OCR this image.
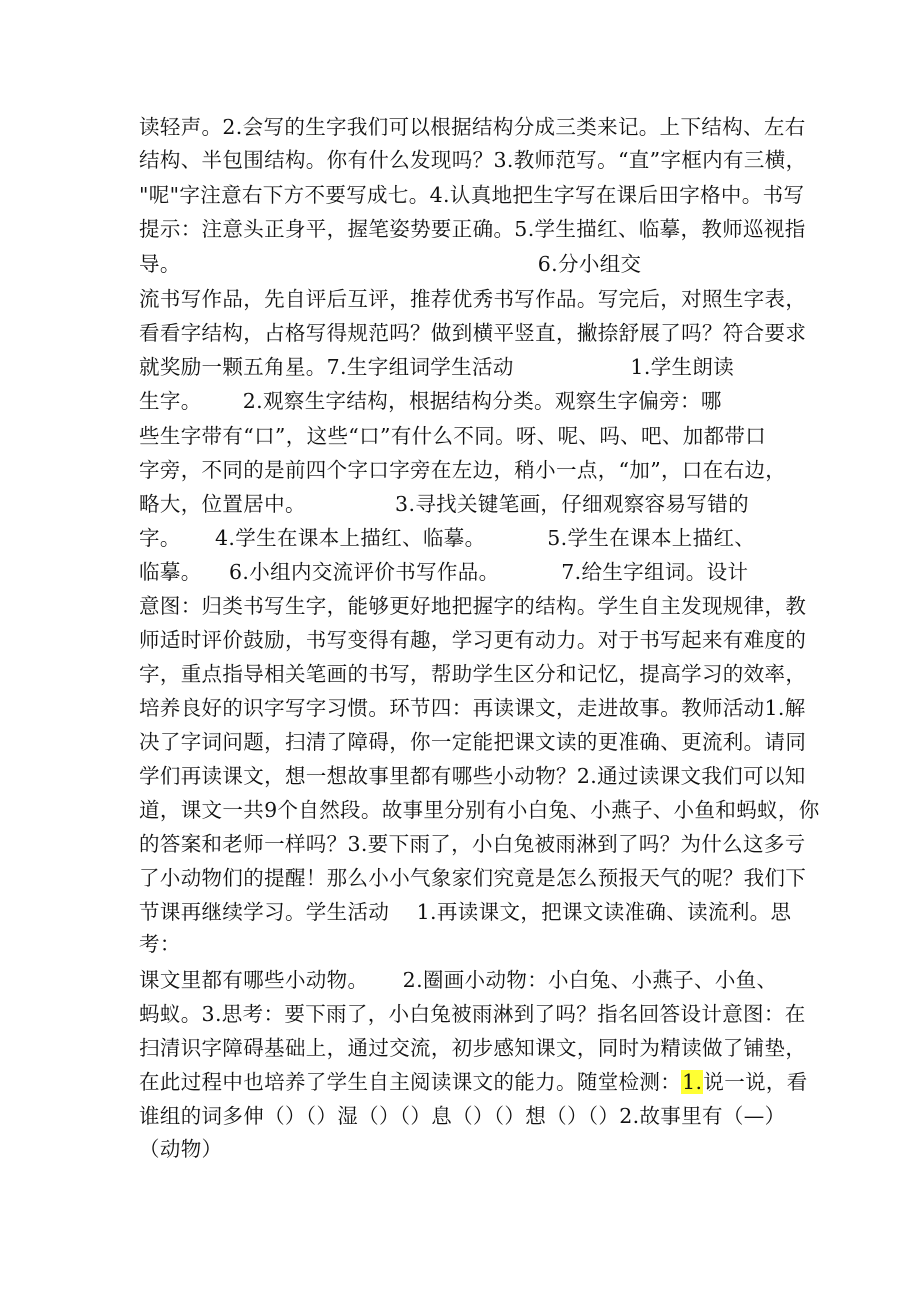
读轻声。2.会写的生字我们可以根据结构分成三类来记。上下结构、左右
结构、半包围结构。你有什么发现吗？3.教师范写。“直”字框内有三横，
"呢"字注意右下方不要写成七。4.认真地把生字写在课后田字格中。书写
提示：注意头正身平，握笔姿势要正确。5.学生描红、临摹，教师巡视指
导。                                                    6.分小组交
流书写作品，先自评后互评，推荐优秀书写作品。写完后，对照生字表，
看看字结构，占格写得规范吗？做到横平竖直，撇捺舒展了吗？符合要求
就奖励一颗五角星。7.生字组词学生活动                 1.学生朗读
生字。      2.观察生字结构，根据结构分类。观察生字偏旁：哪
些生字带有“口”，这些“口”有什么不同。呀、呢、吗、吧、加都带口
字旁，不同的是前四个字口字旁在左边，稍小一点，“加”，口在右边，
略大，位置居中。             3.寻找关键笔画，仔细观察容易写错的
字。     4.学生在课本上描红、临摹。         5.学生在课本上描红、
临摹。    6.小组内交流评价书写作品。         7.给生字组词。设计
意图：归类书写生字，能够更好地把握字的结构。学生自主发现规律，教
师适时评价鼓励，书写变得有趣，学习更有动力。对于书写起来有难度的
字，重点指导相关笔画的书写，帮助学生区分和记忆，提高学习的效率，
培养良好的识字写字习惯。环节四：再读课文，走进故事。教师活动1.解
决了字词问题，扫清了障碍，你一定能把课文读的更准确、更流利。请同
学们再读课文，想一想故事里都有哪些小动物？2.通过读课文我们可以知
道，课文一共9个自然段。故事里分别有小白兔、小燕子、小鱼和蚂蚁，你
的答案和老师一样吗？3.要下雨了，小白兔被雨淋到了吗？为什么这多亏
了小动物们的提醒！那么小小气象家们究竟是怎么预报天气的呢？我们下
节课再继续学习。学生活动    1.再读课文，把课文读准确、读流利。思
考：
课文里都有哪些小动物。     2.圈画小动物：小白兔、小燕子、小鱼、
蚂蚁。3.思考：要下雨了，小白兔被雨淋到了吗？指名回答设计意图：在
扫清识字障碍基础上，通过交流，初步感知课文，同时为精读做了铺垫，
在此过程中也培养了学生自主阅读课文的能力。随堂检测：1.说一说，看
谁组的词多伸（）（）湿（）（）息（）（）想（）（）2.故事里有（—）
（动物）
